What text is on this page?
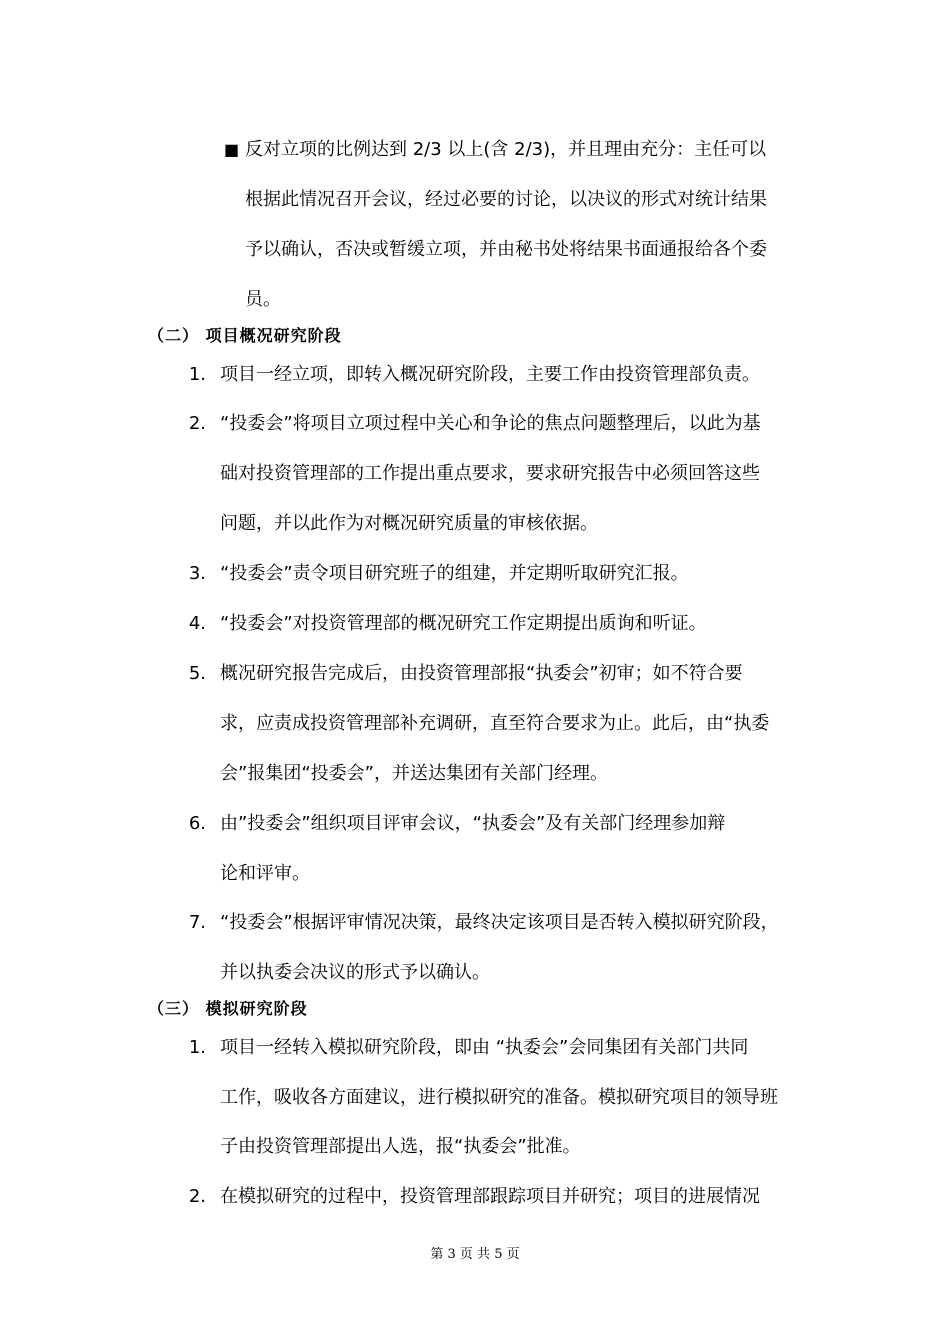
■ 反对立项的比例达到 2/3 以上(含 2/3)，并且理由充分：主任可以
根据此情况召开会议，经过必要的讨论，以决议的形式对统计结果
予以确认，否决或暂缓立项，并由秘书处将结果书面通报给各个委
员。
（二） 项目概况研究阶段
1. 项目一经立项，即转入概况研究阶段，主要工作由投资管理部负责。
2. “投委会”将项目立项过程中关心和争论的焦点问题整理后，以此为基
础对投资管理部的工作提出重点要求，要求研究报告中必须回答这些
问题，并以此作为对概况研究质量的审核依据。
3. “投委会”责令项目研究班子的组建，并定期听取研究汇报。
4. “投委会”对投资管理部的概况研究工作定期提出质询和听证。
5. 概况研究报告完成后，由投资管理部报“执委会”初审；如不符合要
求，应责成投资管理部补充调研，直至符合要求为止。此后，由“执委
会”报集团“投委会”，并送达集团有关部门经理。
6. 由”投委会”组织项目评审会议，“执委会”及有关部门经理参加辩
论和评审。
7. “投委会”根据评审情况决策，最终决定该项目是否转入模拟研究阶段，
并以执委会决议的形式予以确认。
（三） 模拟研究阶段
1. 项目一经转入模拟研究阶段，即由 “执委会”会同集团有关部门共同
工作，吸收各方面建议，进行模拟研究的准备。模拟研究项目的领导班
子由投资管理部提出人选，报“执委会”批准。
2. 在模拟研究的过程中，投资管理部跟踪项目并研究；项目的进展情况
第 3 页 共 5 页
